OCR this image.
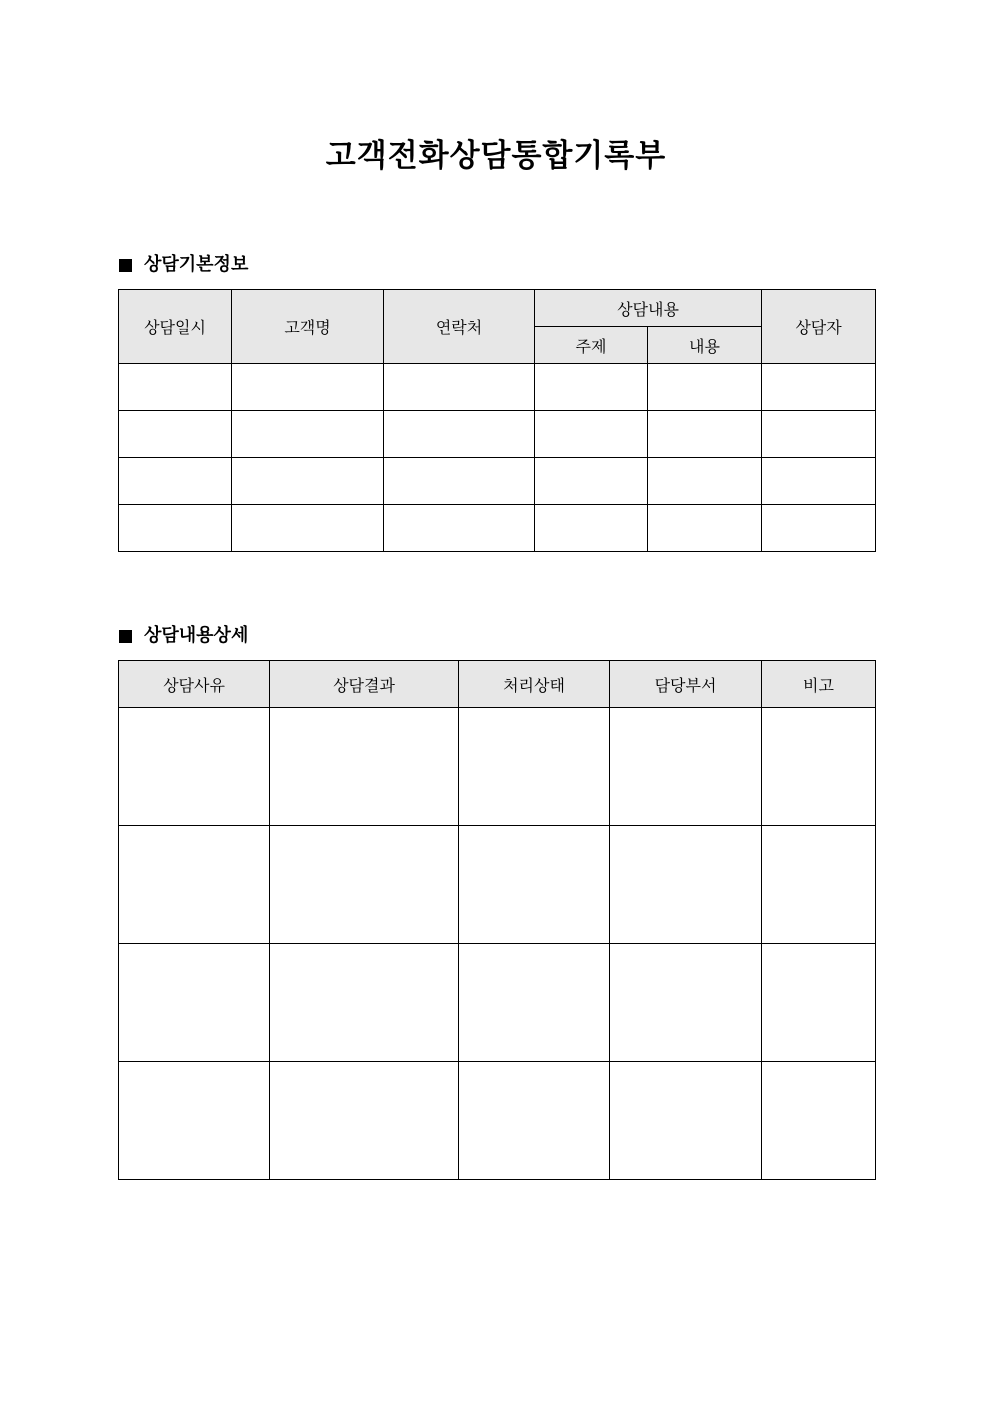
고객전화상담통합기록부
상담기본정보
상담일시	고객명	연락처	상담내용		상담자
			주제	내용	

상담내용상세
상담사유	상담결과	처리상태	담당부서	비고
